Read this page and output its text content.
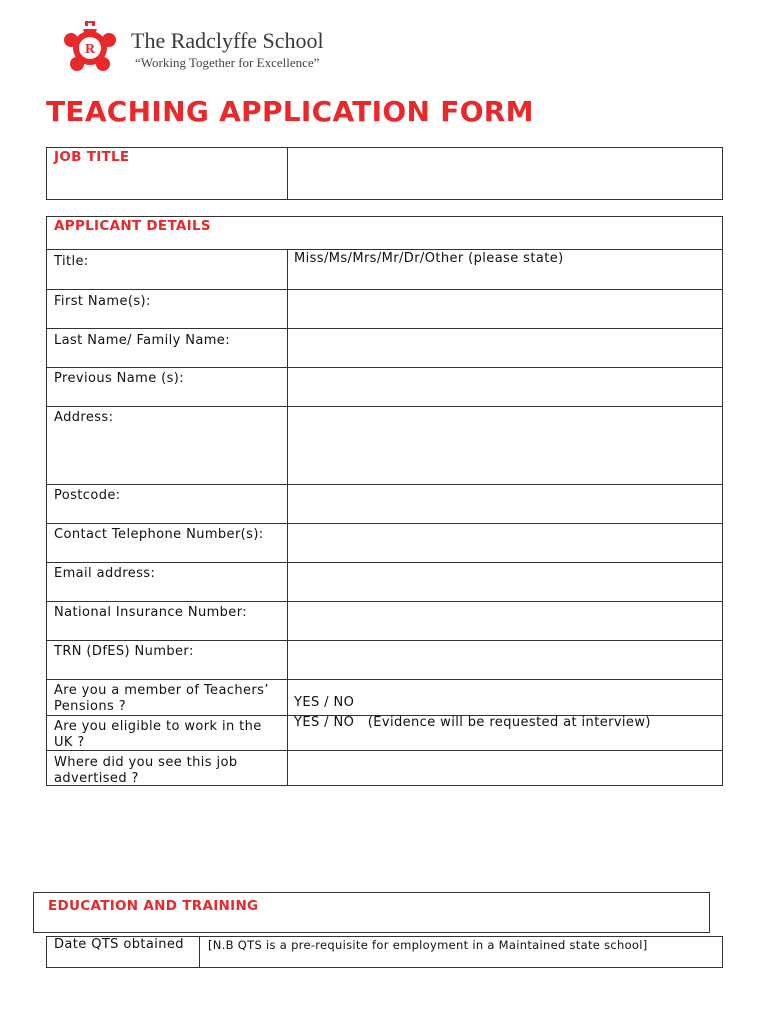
R The Radclyffe School
“Working Together for Excellence”
TEACHING APPLICATION FORM
JOB TITLE
APPLICANT DETAILS
Title:	Miss/Ms/Mrs/Mr/Dr/Other (please state)
First Name(s):
Last Name/ Family Name:
Previous Name (s):
Address:
Postcode:
Contact Telephone Number(s):
Email address:
National Insurance Number:
TRN (DfES) Number:
Are you a member of Teachers’ Pensions ?	YES / NO
Are you eligible to work in the UK ?
YES / NO   (Evidence will be requested at interview)
Where did you see this job advertised ?
EDUCATION AND TRAINING
Date QTS obtained [N.B QTS is a pre-requisite for employment in a Maintained state school]
